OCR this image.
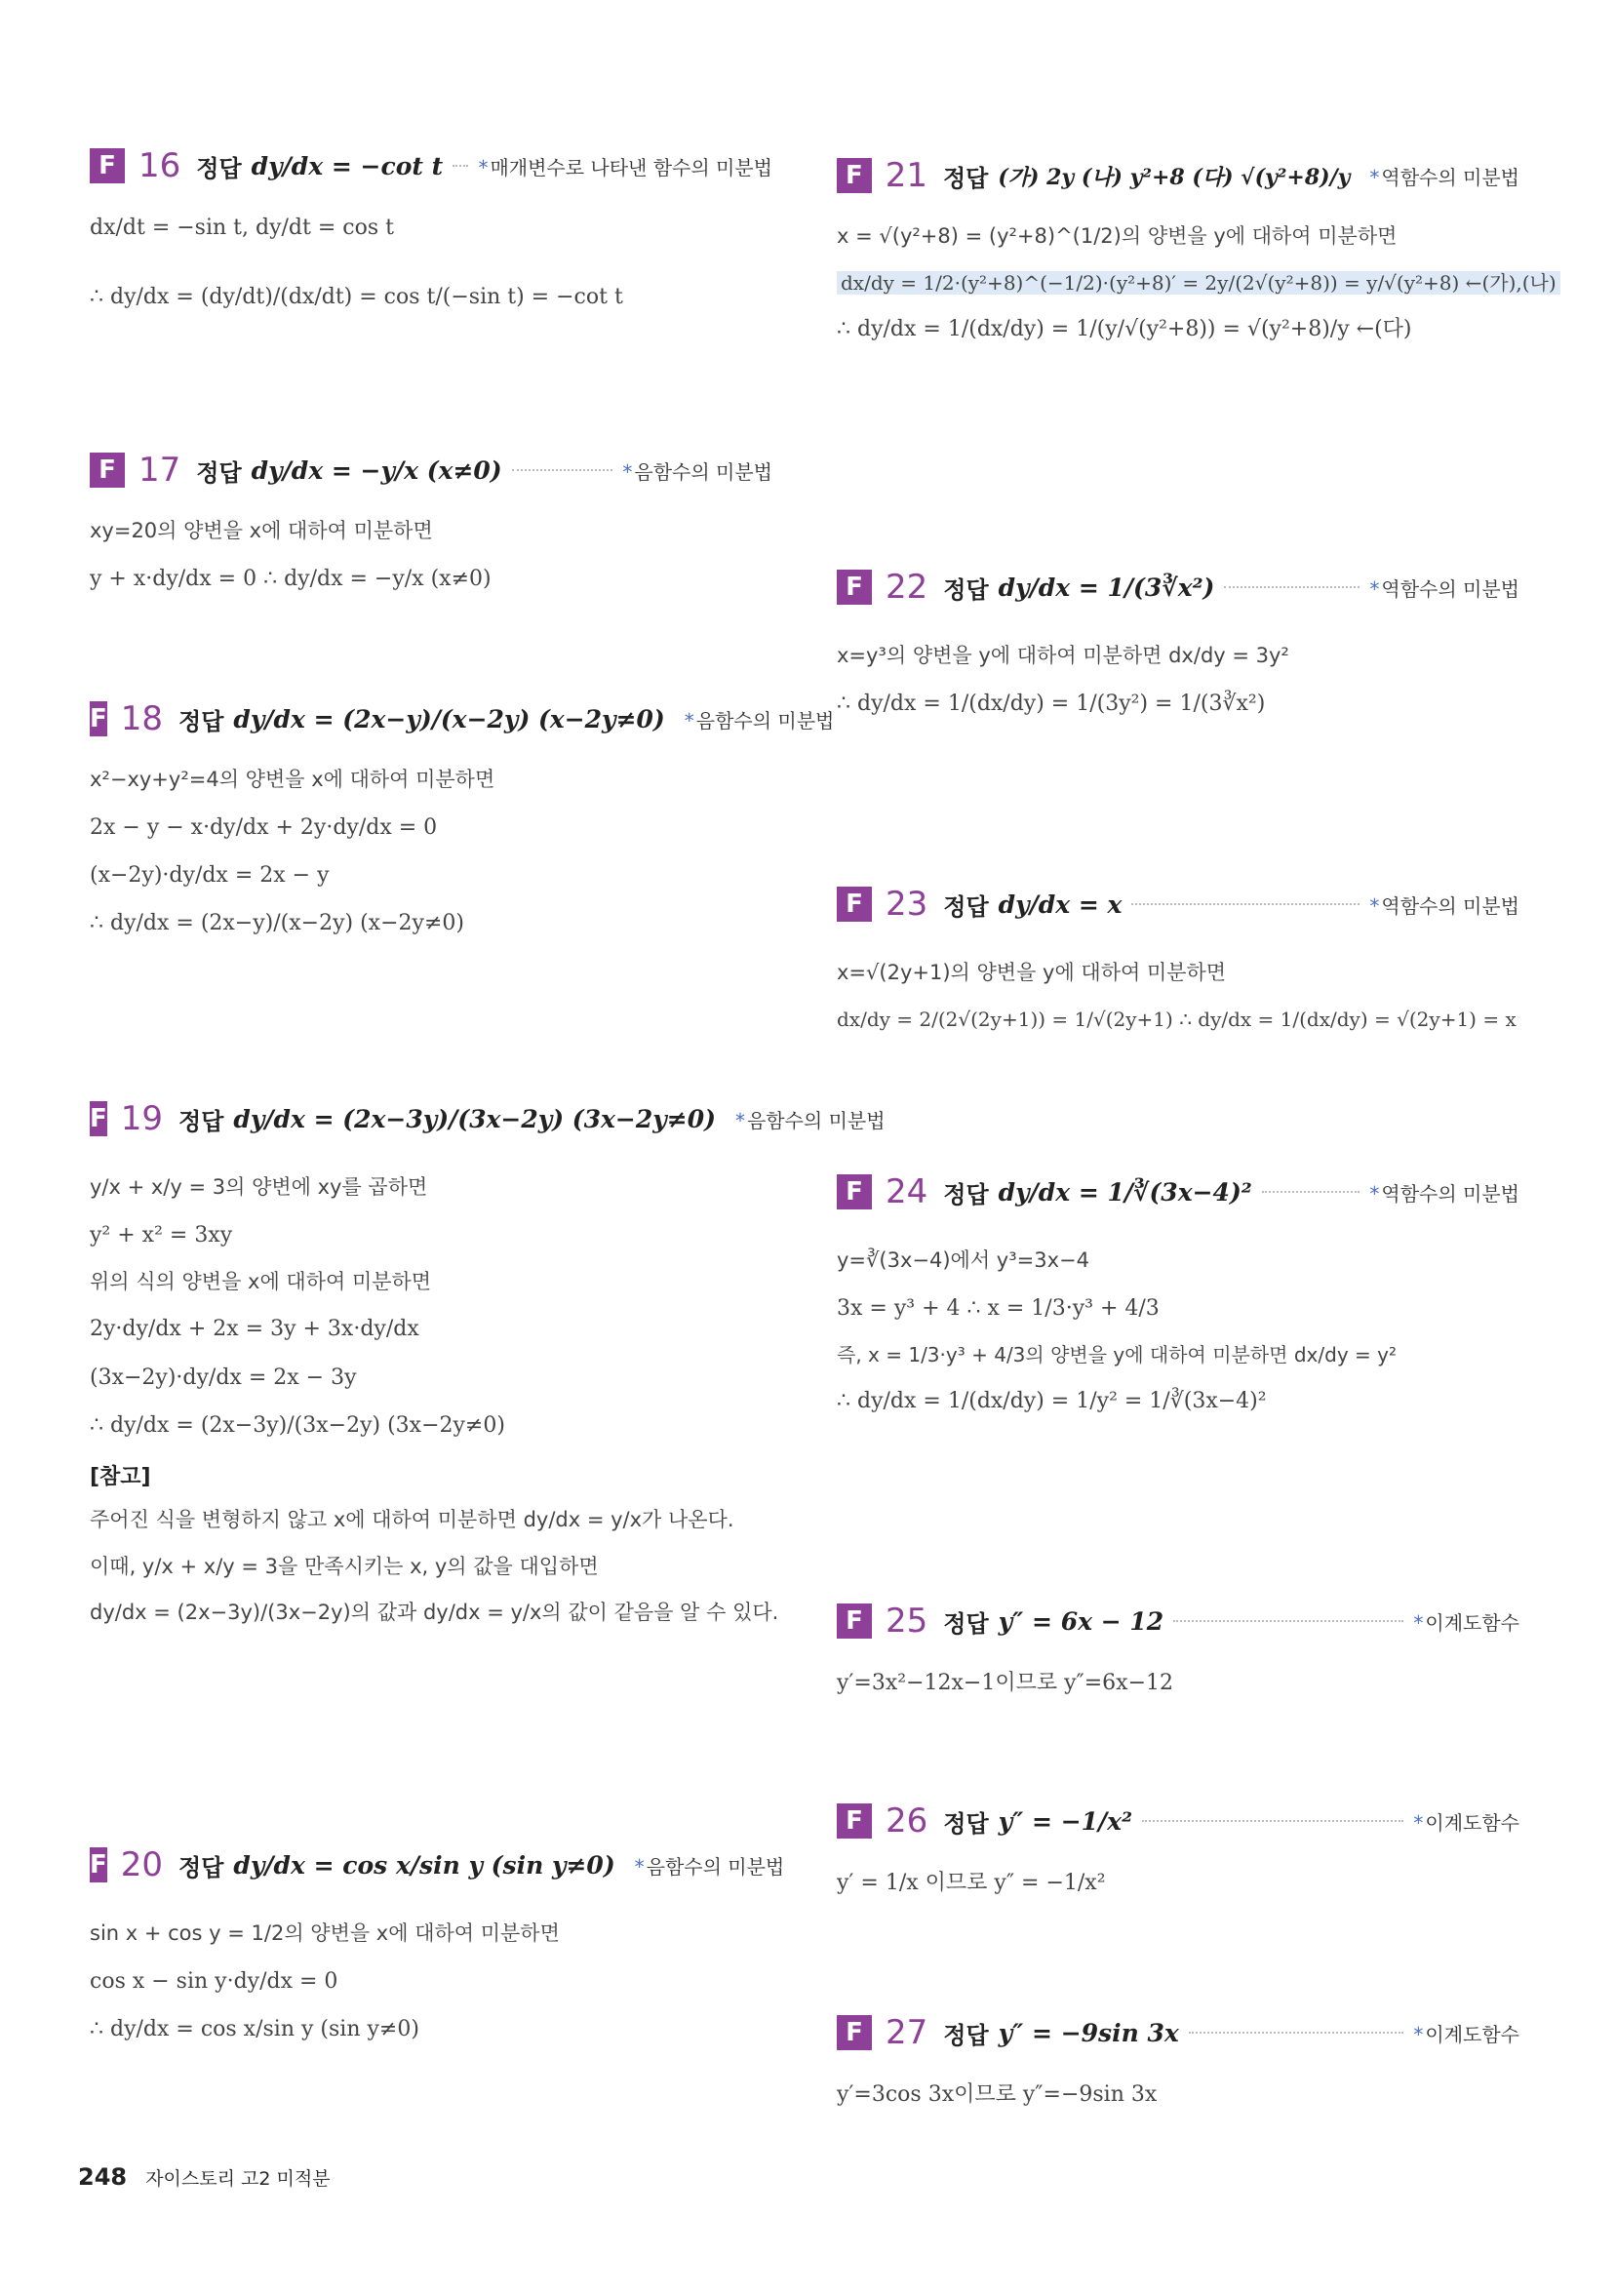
F 16 정답 dy/dx = −cot t * 매개변수로 나타낸 함수의 미분법
dx/dt = −sin t, dy/dt = cos t
∴ dy/dx = (dy/dt)/(dx/dt) = cos t/(−sin t) = −cot t
F 17 정답 dy/dx = −y/x (x≠0)	* 음함수의 미분법
xy=20의 양변을 x에 대하여 미분하면
y + x·dy/dx = 0 ∴ dy/dx = −y/x (x≠0)
F 18 정답 dy/dx = (2x−y)/(x−2y) (x−2y≠0) * 음함수의 미분법
x²−xy+y²=4의 양변을 x에 대하여 미분하면
2x − y − x·dy/dx + 2y·dy/dx = 0
(x−2y)·dy/dx = 2x − y
∴ dy/dx = (2x−y)/(x−2y) (x−2y≠0)
F 19 정답 dy/dx = (2x−3y)/(3x−2y) (3x−2y≠0) * 음함수의 미분법
y/x + x/y = 3의 양변에 xy를 곱하면
y² + x² = 3xy
위의 식의 양변을 x에 대하여 미분하면
2y·dy/dx + 2x = 3y + 3x·dy/dx
(3x−2y)·dy/dx = 2x − 3y
∴ dy/dx = (2x−3y)/(3x−2y) (3x−2y≠0)
[참고]
주어진 식을 변형하지 않고 x에 대하여 미분하면 dy/dx = y/x가 나온다.
이때, y/x + x/y = 3을 만족시키는 x, y의 값을 대입하면
dy/dx = (2x−3y)/(3x−2y)의 값과 dy/dx = y/x의 값이 같음을 알 수 있다.
F 20 정답 dy/dx = cos x/sin y (sin y≠0) * 음함수의 미분법
sin x + cos y = 1/2의 양변을 x에 대하여 미분하면
cos x − sin y·dy/dx = 0
∴ dy/dx = cos x/sin y (sin y≠0)
F 21 정답 (가) 2y (나) y²+8 (다) √(y²+8)/y * 역함수의 미분법
x = √(y²+8) = (y²+8)^(1/2)의 양변을 y에 대하여 미분하면
dx/dy = 1/2·(y²+8)^(−1/2)·(y²+8)′ = 2y/(2√(y²+8)) = y/√(y²+8) ←(가),(나)
∴ dy/dx = 1/(dx/dy) = 1/(y/√(y²+8)) = √(y²+8)/y ←(다)
F 22 정답 dy/dx = 1/(3∛x²)	* 역함수의 미분법
x=y³의 양변을 y에 대하여 미분하면 dx/dy = 3y²
∴ dy/dx = 1/(dx/dy) = 1/(3y²) = 1/(3∛x²)
F 23 정답 dy/dx = x	* 역함수의 미분법
x=√(2y+1)의 양변을 y에 대하여 미분하면
dx/dy = 2/(2√(2y+1)) = 1/√(2y+1) ∴ dy/dx = 1/(dx/dy) = √(2y+1) = x
F 24 정답 dy/dx = 1/∛(3x−4)²	* 역함수의 미분법
y=∛(3x−4)에서 y³=3x−4
3x = y³ + 4 ∴ x = 1/3·y³ + 4/3
즉, x = 1/3·y³ + 4/3의 양변을 y에 대하여 미분하면 dx/dy = y²
∴ dy/dx = 1/(dx/dy) = 1/y² = 1/∛(3x−4)²
F 25 정답 y″ = 6x − 12	* 이계도함수
y′=3x²−12x−1이므로 y″=6x−12
F 26 정답 y″ = −1/x²	* 이계도함수
y′ = 1/x 이므로 y″ = −1/x²
F 27 정답 y″ = −9sin 3x	* 이계도함수
y′=3cos 3x이므로 y″=−9sin 3x
248 자이스토리 고2 미적분
